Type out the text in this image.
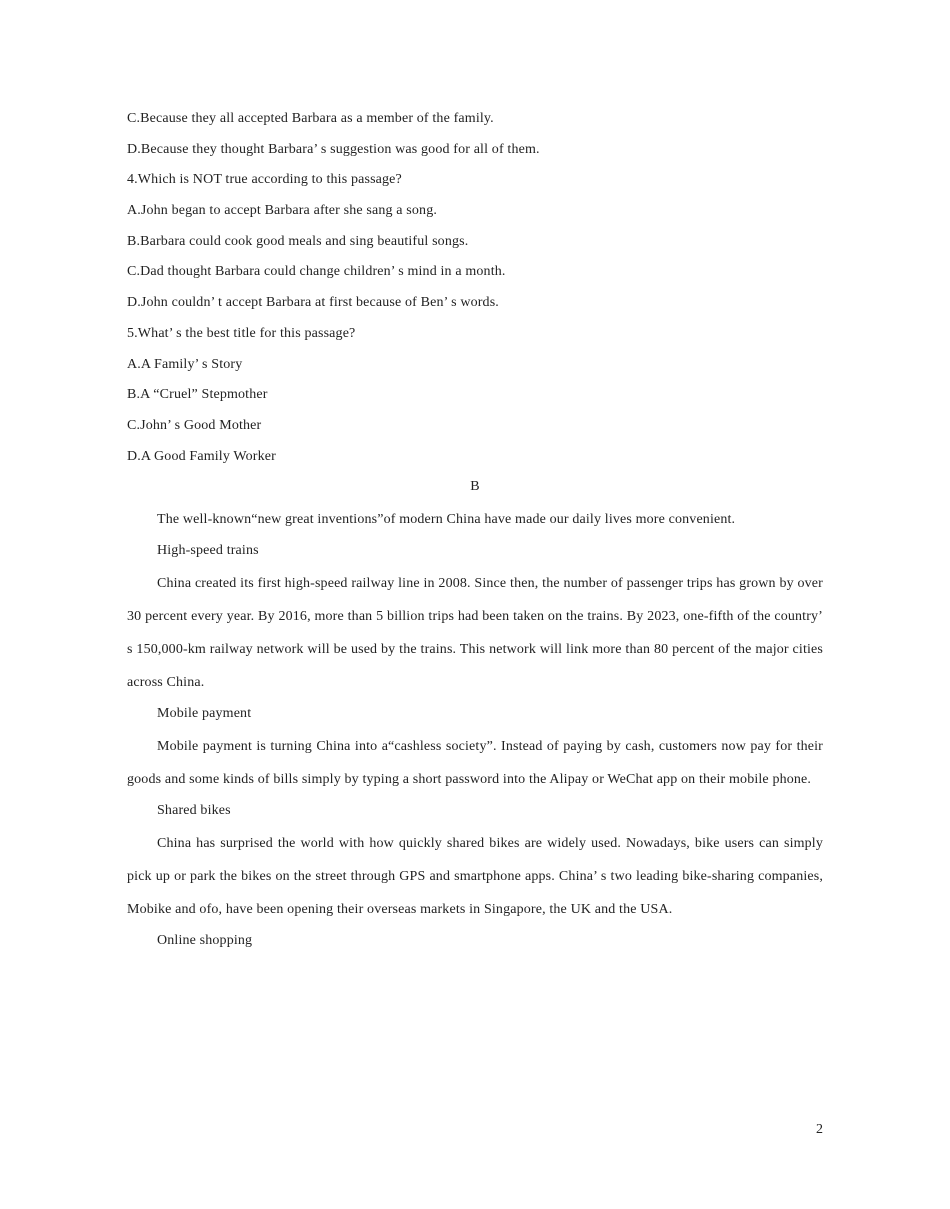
C.Because they all accepted Barbara as a member of the family.
D.Because they thought Barbara’ s suggestion was good for all of them.
4.Which is NOT true according to this passage?
A.John began to accept Barbara after she sang a song.
B.Barbara could cook good meals and sing beautiful songs.
C.Dad thought Barbara could change children’ s mind in a month.
D.John couldn’ t accept Barbara at first because of Ben’ s words.
5.What’ s the best title for this passage?
A.A Family’ s Story
B.A “Cruel” Stepmother
C.John’ s Good Mother
D.A Good Family Worker
B

The well-known“new great inventions”of modern China have made our daily lives more convenient.

High-speed trains

China created its first high-speed railway line in 2008. Since then, the number of passenger trips has grown by over 30 percent every year. By 2016, more than 5 billion trips had been taken on the trains. By 2023, one-fifth of the country’ s 150,000-km railway network will be used by the trains. This network will link more than 80 percent of the major cities across China.

Mobile payment

Mobile payment is turning China into a“cashless society”. Instead of paying by cash, customers now pay for their goods and some kinds of bills simply by typing a short password into the Alipay or WeChat app on their mobile phone.

Shared bikes

China has surprised the world with how quickly shared bikes are widely used. Nowadays, bike users can simply pick up or park the bikes on the street through GPS and smartphone apps. China’ s two leading bike-sharing companies, Mobike and ofo, have been opening their overseas markets in Singapore, the UK and the USA.

Online shopping
2
